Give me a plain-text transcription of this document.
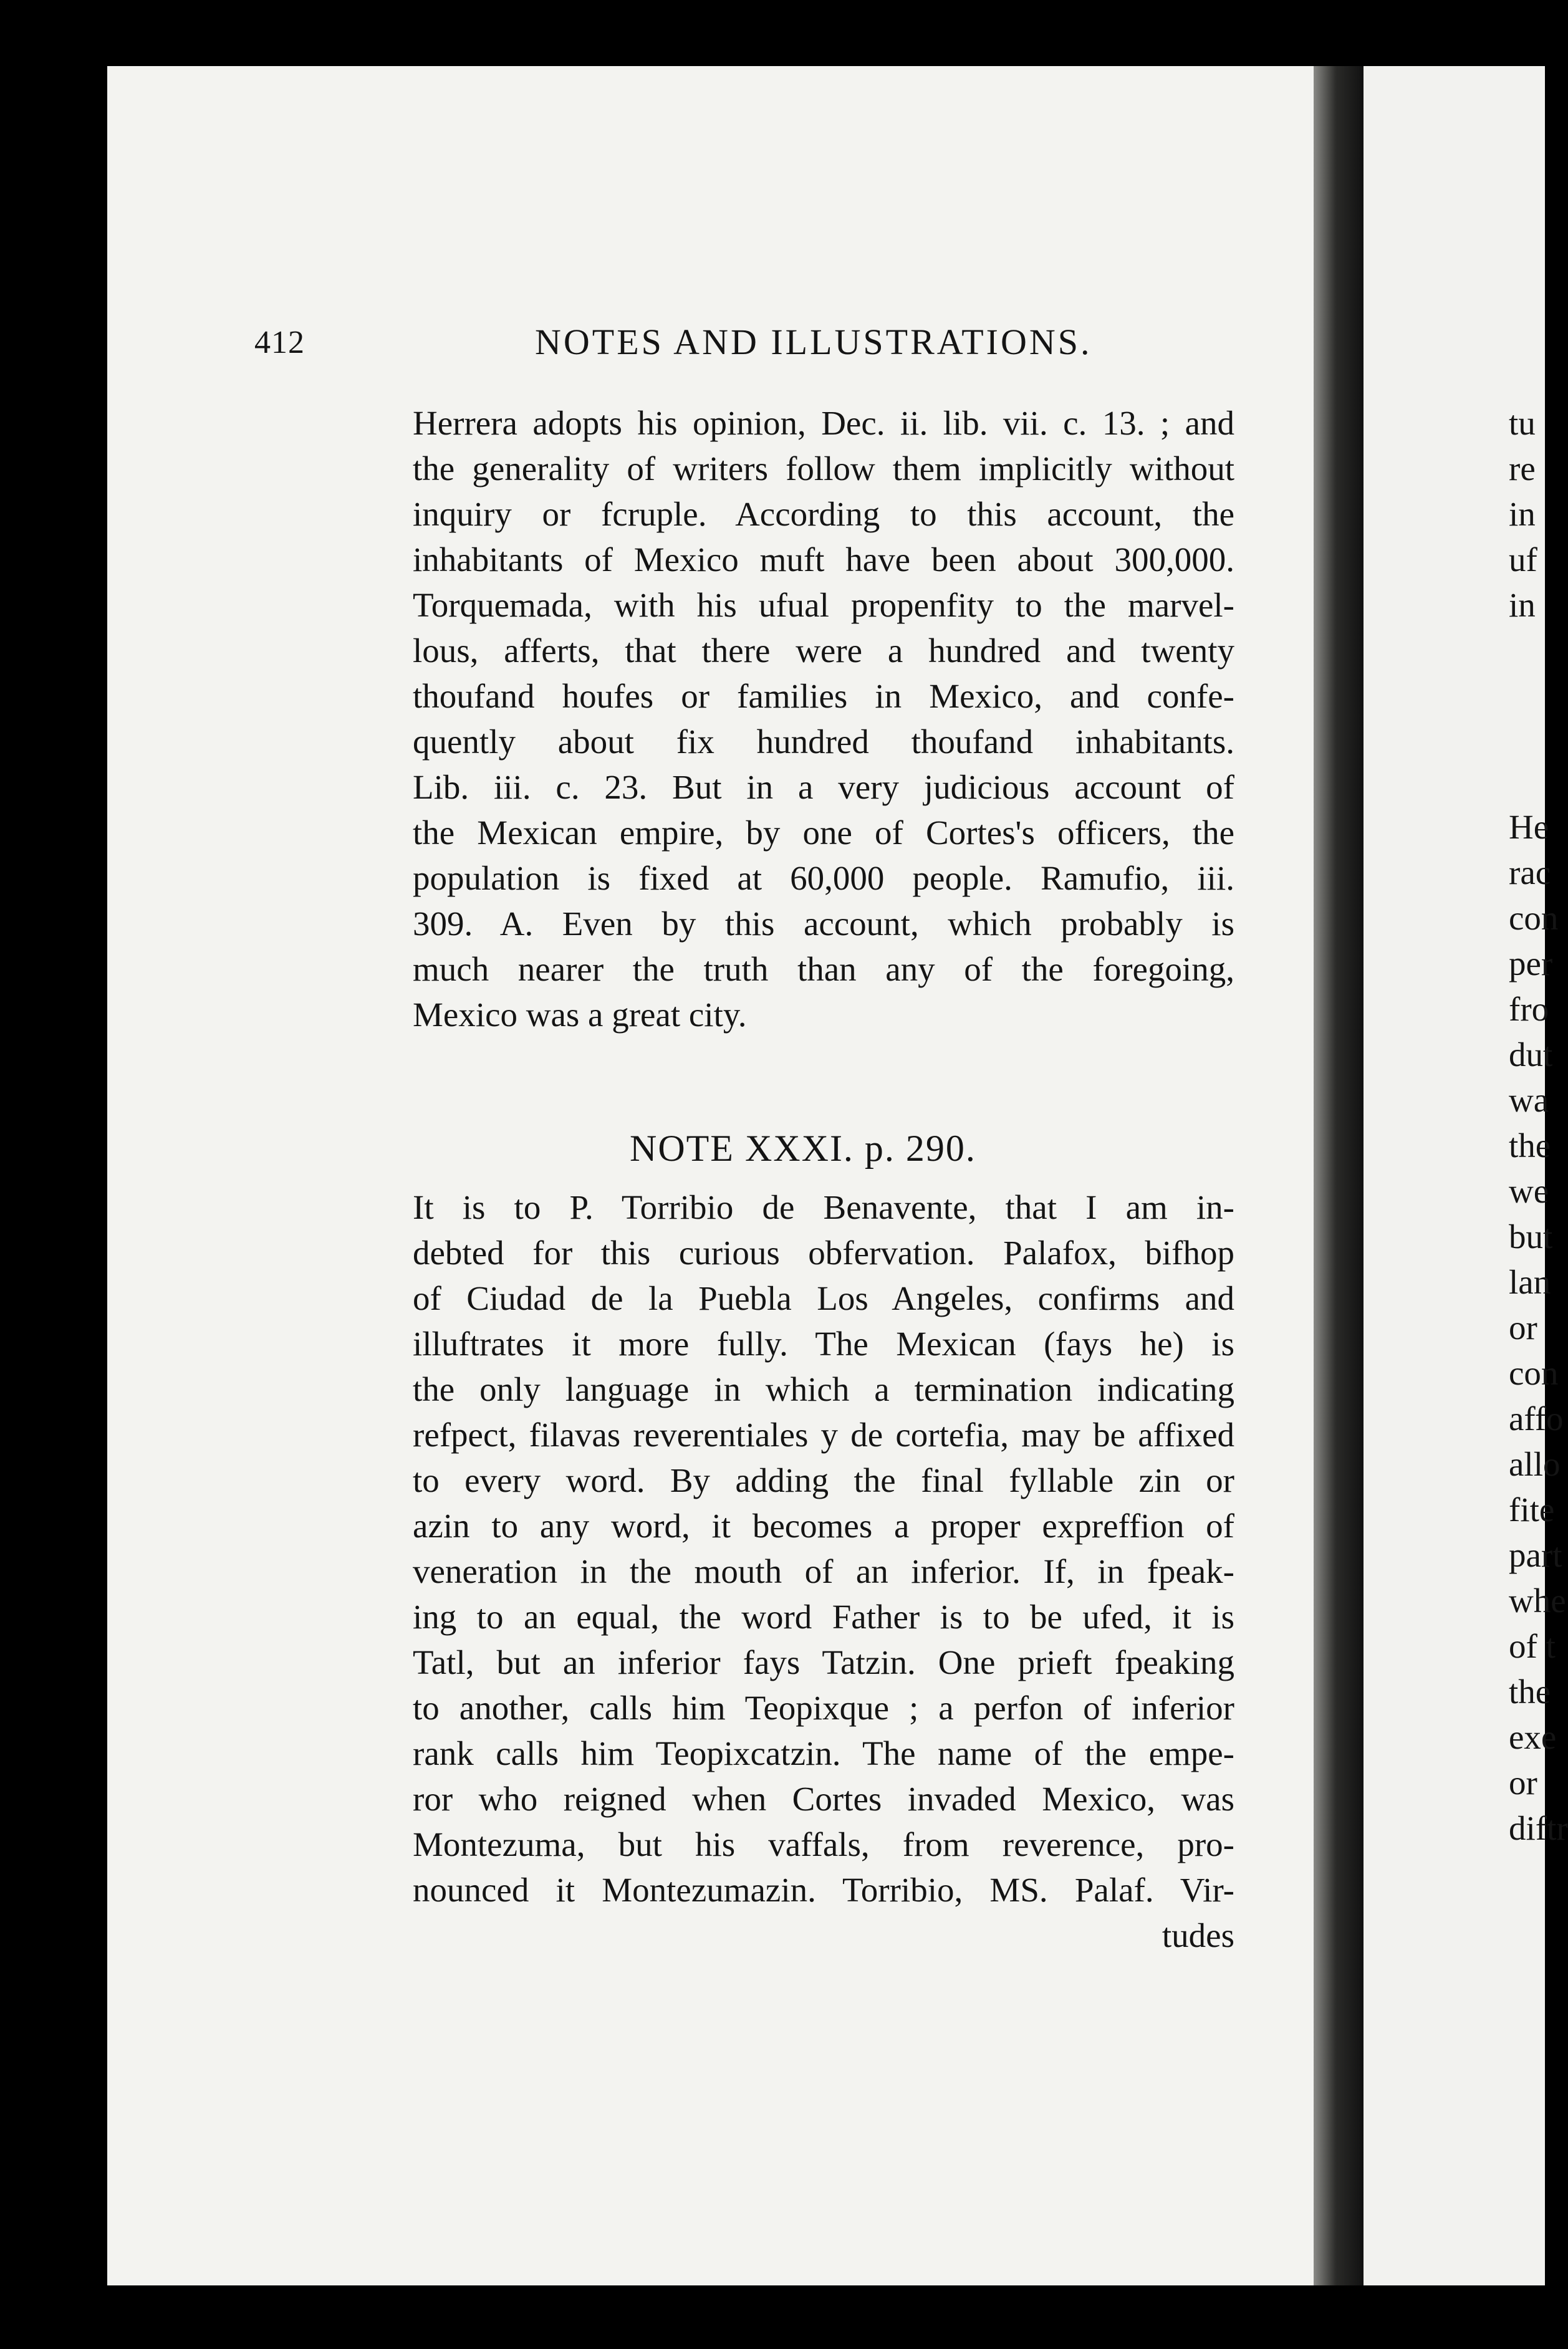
412	NOTES AND ILLUSTRATIONS.
Herrera adopts his opinion, Dec. ii. lib. vii. c. 13. ; and
the generality of writers follow them implicitly without
inquiry or fcruple. According to this account, the
inhabitants of Mexico muft have been about 300,000.
Torquemada, with his ufual propenfity to the marvel-
lous, afferts, that there were a hundred and twenty
thoufand houfes or families in Mexico, and confe-
quently about fix hundred thoufand inhabitants.
Lib. iii. c. 23. But in a very judicious account of
the Mexican empire, by one of Cortes's officers, the
population is fixed at 60,000 people. Ramufio, iii.
309. A. Even by this account, which probably is
much nearer the truth than any of the foregoing,
Mexico was a great city.
NOTE XXXI. p. 290.
It is to P. Torribio de Benavente, that I am in-
debted for this curious obfervation. Palafox, bifhop
of Ciudad de la Puebla Los Angeles, confirms and
illuftrates it more fully. The Mexican (fays he) is
the only language in which a termination indicating
refpect, filavas reverentiales y de cortefia, may be affixed
to every word. By adding the final fyllable zin or
azin to any word, it becomes a proper expreffion of
veneration in the mouth of an inferior. If, in fpeak-
ing to an equal, the word Father is to be ufed, it is
Tatl, but an inferior fays Tatzin. One prieft fpeaking
to another, calls him Teopixque ; a perfon of inferior
rank calls him Teopixcatzin. The name of the empe-
ror who reigned when Cortes invaded Mexico, was
Montezuma, but his vaffals, from reverence, pro-
nounced it Montezumazin. Torribio, MS. Palaf. Vir-
tudes
tu
re
in
uf
in
He
rac
con
per
fro
dut
wa
the
we
but
lan
or
con
affo
allo
fite
part
whe
of t
the
exe
or
diftr
